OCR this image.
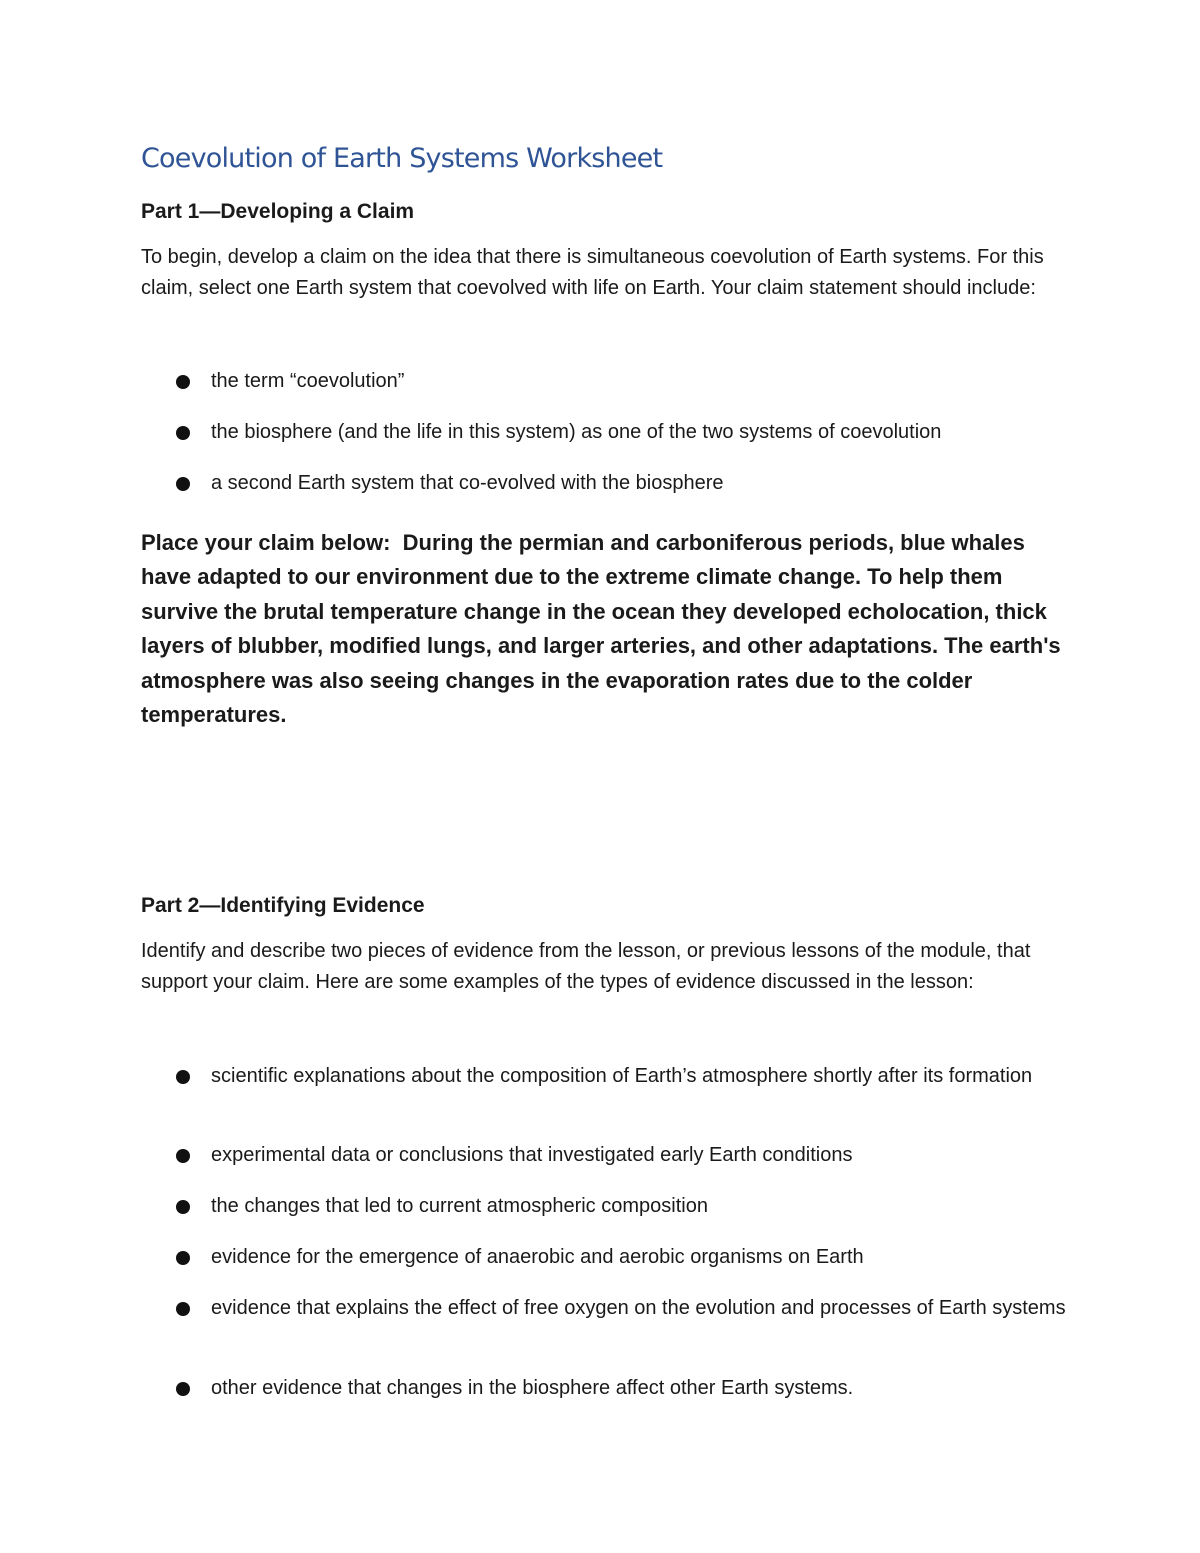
Coevolution of Earth Systems Worksheet
Part 1—Developing a Claim

To begin, develop a claim on the idea that there is simultaneous coevolution of Earth systems. For this claim, select one Earth system that coevolved with life on Earth. Your claim statement should include:

the term “coevolution”
the biosphere (and the life in this system) as one of the two systems of coevolution
a second Earth system that co-evolved with the biosphere

Place your claim below: During the permian and carboniferous periods, blue whales have adapted to our environment due to the extreme climate change. To help them survive the brutal temperature change in the ocean they developed echolocation, thick layers of blubber, modified lungs, and larger arteries, and other adaptations. The earth's atmosphere was also seeing changes in the evaporation rates due to the colder temperatures.

Part 2—Identifying Evidence

Identify and describe two pieces of evidence from the lesson, or previous lessons of the module, that support your claim. Here are some examples of the types of evidence discussed in the lesson:

scientific explanations about the composition of Earth’s atmosphere shortly after its formation
experimental data or conclusions that investigated early Earth conditions
the changes that led to current atmospheric composition
evidence for the emergence of anaerobic and aerobic organisms on Earth
evidence that explains the effect of free oxygen on the evolution and processes of Earth systems
other evidence that changes in the biosphere affect other Earth systems.
